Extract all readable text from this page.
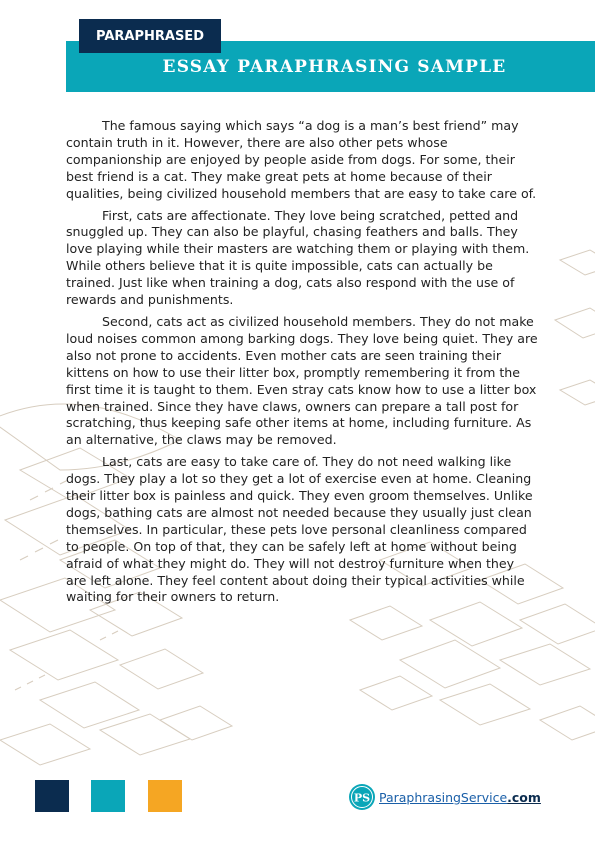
ESSAY PARAPHRASING SAMPLE
PARAPHRASED

The famous saying which says “a dog is a man’s best friend” may contain truth in it. However, there are also other pets whose companionship are enjoyed by people aside from dogs. For some, their best friend is a cat. They make great pets at home because of their qualities, being civilized household members that are easy to take care of.

First, cats are affectionate. They love being scratched, petted and snuggled up. They can also be playful, chasing feathers and balls. They love playing while their masters are watching them or playing with them. While others believe that it is quite impossible, cats can actually be trained. Just like when training a dog, cats also respond with the use of rewards and punishments.

Second, cats act as civilized household members. They do not make loud noises common among barking dogs. They love being quiet. They are also not prone to accidents. Even mother cats are seen training their kittens on how to use their litter box, promptly remembering it from the first time it is taught to them. Even stray cats know how to use a litter box when trained. Since they have claws, owners can prepare a tall post for scratching, thus keeping safe other items at home, including furniture. As an alternative, the claws may be removed.

Last, cats are easy to take care of. They do not need walking like dogs. They play a lot so they get a lot of exercise even at home. Cleaning their litter box is painless and quick. They even groom themselves. Unlike dogs, bathing cats are almost not needed because they usually just clean themselves. In particular, these pets love personal cleanliness compared to people. On top of that, they can be safely left at home without being afraid of what they might do. They will not destroy furniture when they are left alone. They feel content about doing their typical activities while waiting for their owners to return.

PS ParaphrasingService.com
